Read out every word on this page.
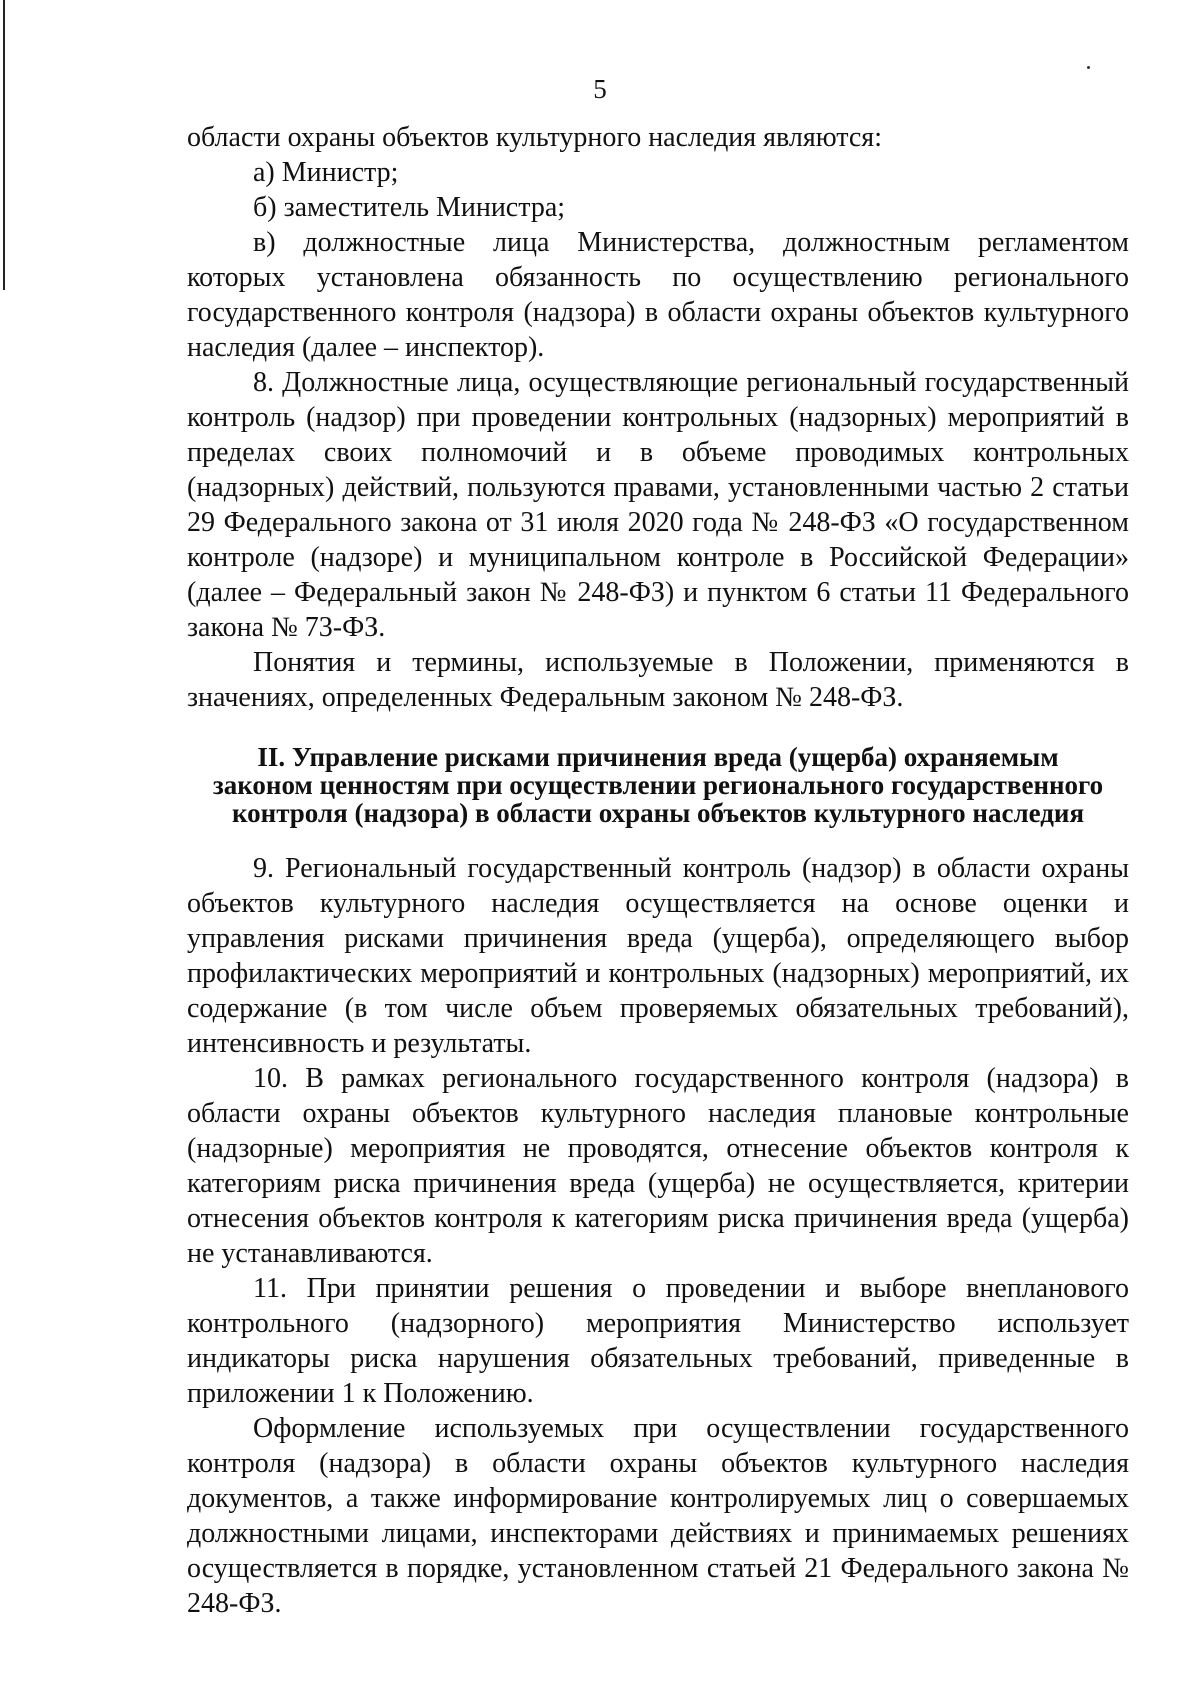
5

области охраны объектов культурного наследия являются:

а) Министр;

б) заместитель Министра;

в) должностные лица Министерства, должностным регламентом которых установлена обязанность по осуществлению регионального государственного контроля (надзора) в области охраны объектов культурного наследия (далее – инспектор).

8. Должностные лица, осуществляющие региональный государственный контроль (надзор) при проведении контрольных (надзорных) мероприятий в пределах своих полномочий и в объеме проводимых контрольных (надзорных) действий, пользуются правами, установленными частью 2 статьи 29 Федерального закона от 31 июля 2020 года № 248-ФЗ «О государственном контроле (надзоре) и муниципальном контроле в Российской Федерации» (далее – Федеральный закон № 248-ФЗ) и пунктом 6 статьи 11 Федерального закона № 73-ФЗ.

Понятия и термины, используемые в Положении, применяются в значениях, определенных Федеральным законом № 248-ФЗ.

II. Управление рисками причинения вреда (ущерба) охраняемым
законом ценностям при осуществлении регионального государственного
контроля (надзора) в области охраны объектов культурного наследия

9. Региональный государственный контроль (надзор) в области охраны объектов культурного наследия осуществляется на основе оценки и управления рисками причинения вреда (ущерба), определяющего выбор профилактических мероприятий и контрольных (надзорных) мероприятий, их содержание (в том числе объем проверяемых обязательных требований), интенсивность и результаты.

10. В рамках регионального государственного контроля (надзора) в области охраны объектов культурного наследия плановые контрольные (надзорные) мероприятия не проводятся, отнесение объектов контроля к категориям риска причинения вреда (ущерба) не осуществляется, критерии отнесения объектов контроля к категориям риска причинения вреда (ущерба) не устанавливаются.

11. При принятии решения о проведении и выборе внепланового контрольного (надзорного) мероприятия Министерство использует индикаторы риска нарушения обязательных требований, приведенные в приложении 1 к Положению.

Оформление используемых при осуществлении государственного контроля (надзора) в области охраны объектов культурного наследия документов, а также информирование контролируемых лиц о совершаемых должностными лицами, инспекторами действиях и принимаемых решениях осуществляется в порядке, установленном статьей 21 Федерального закона № 248-ФЗ.
